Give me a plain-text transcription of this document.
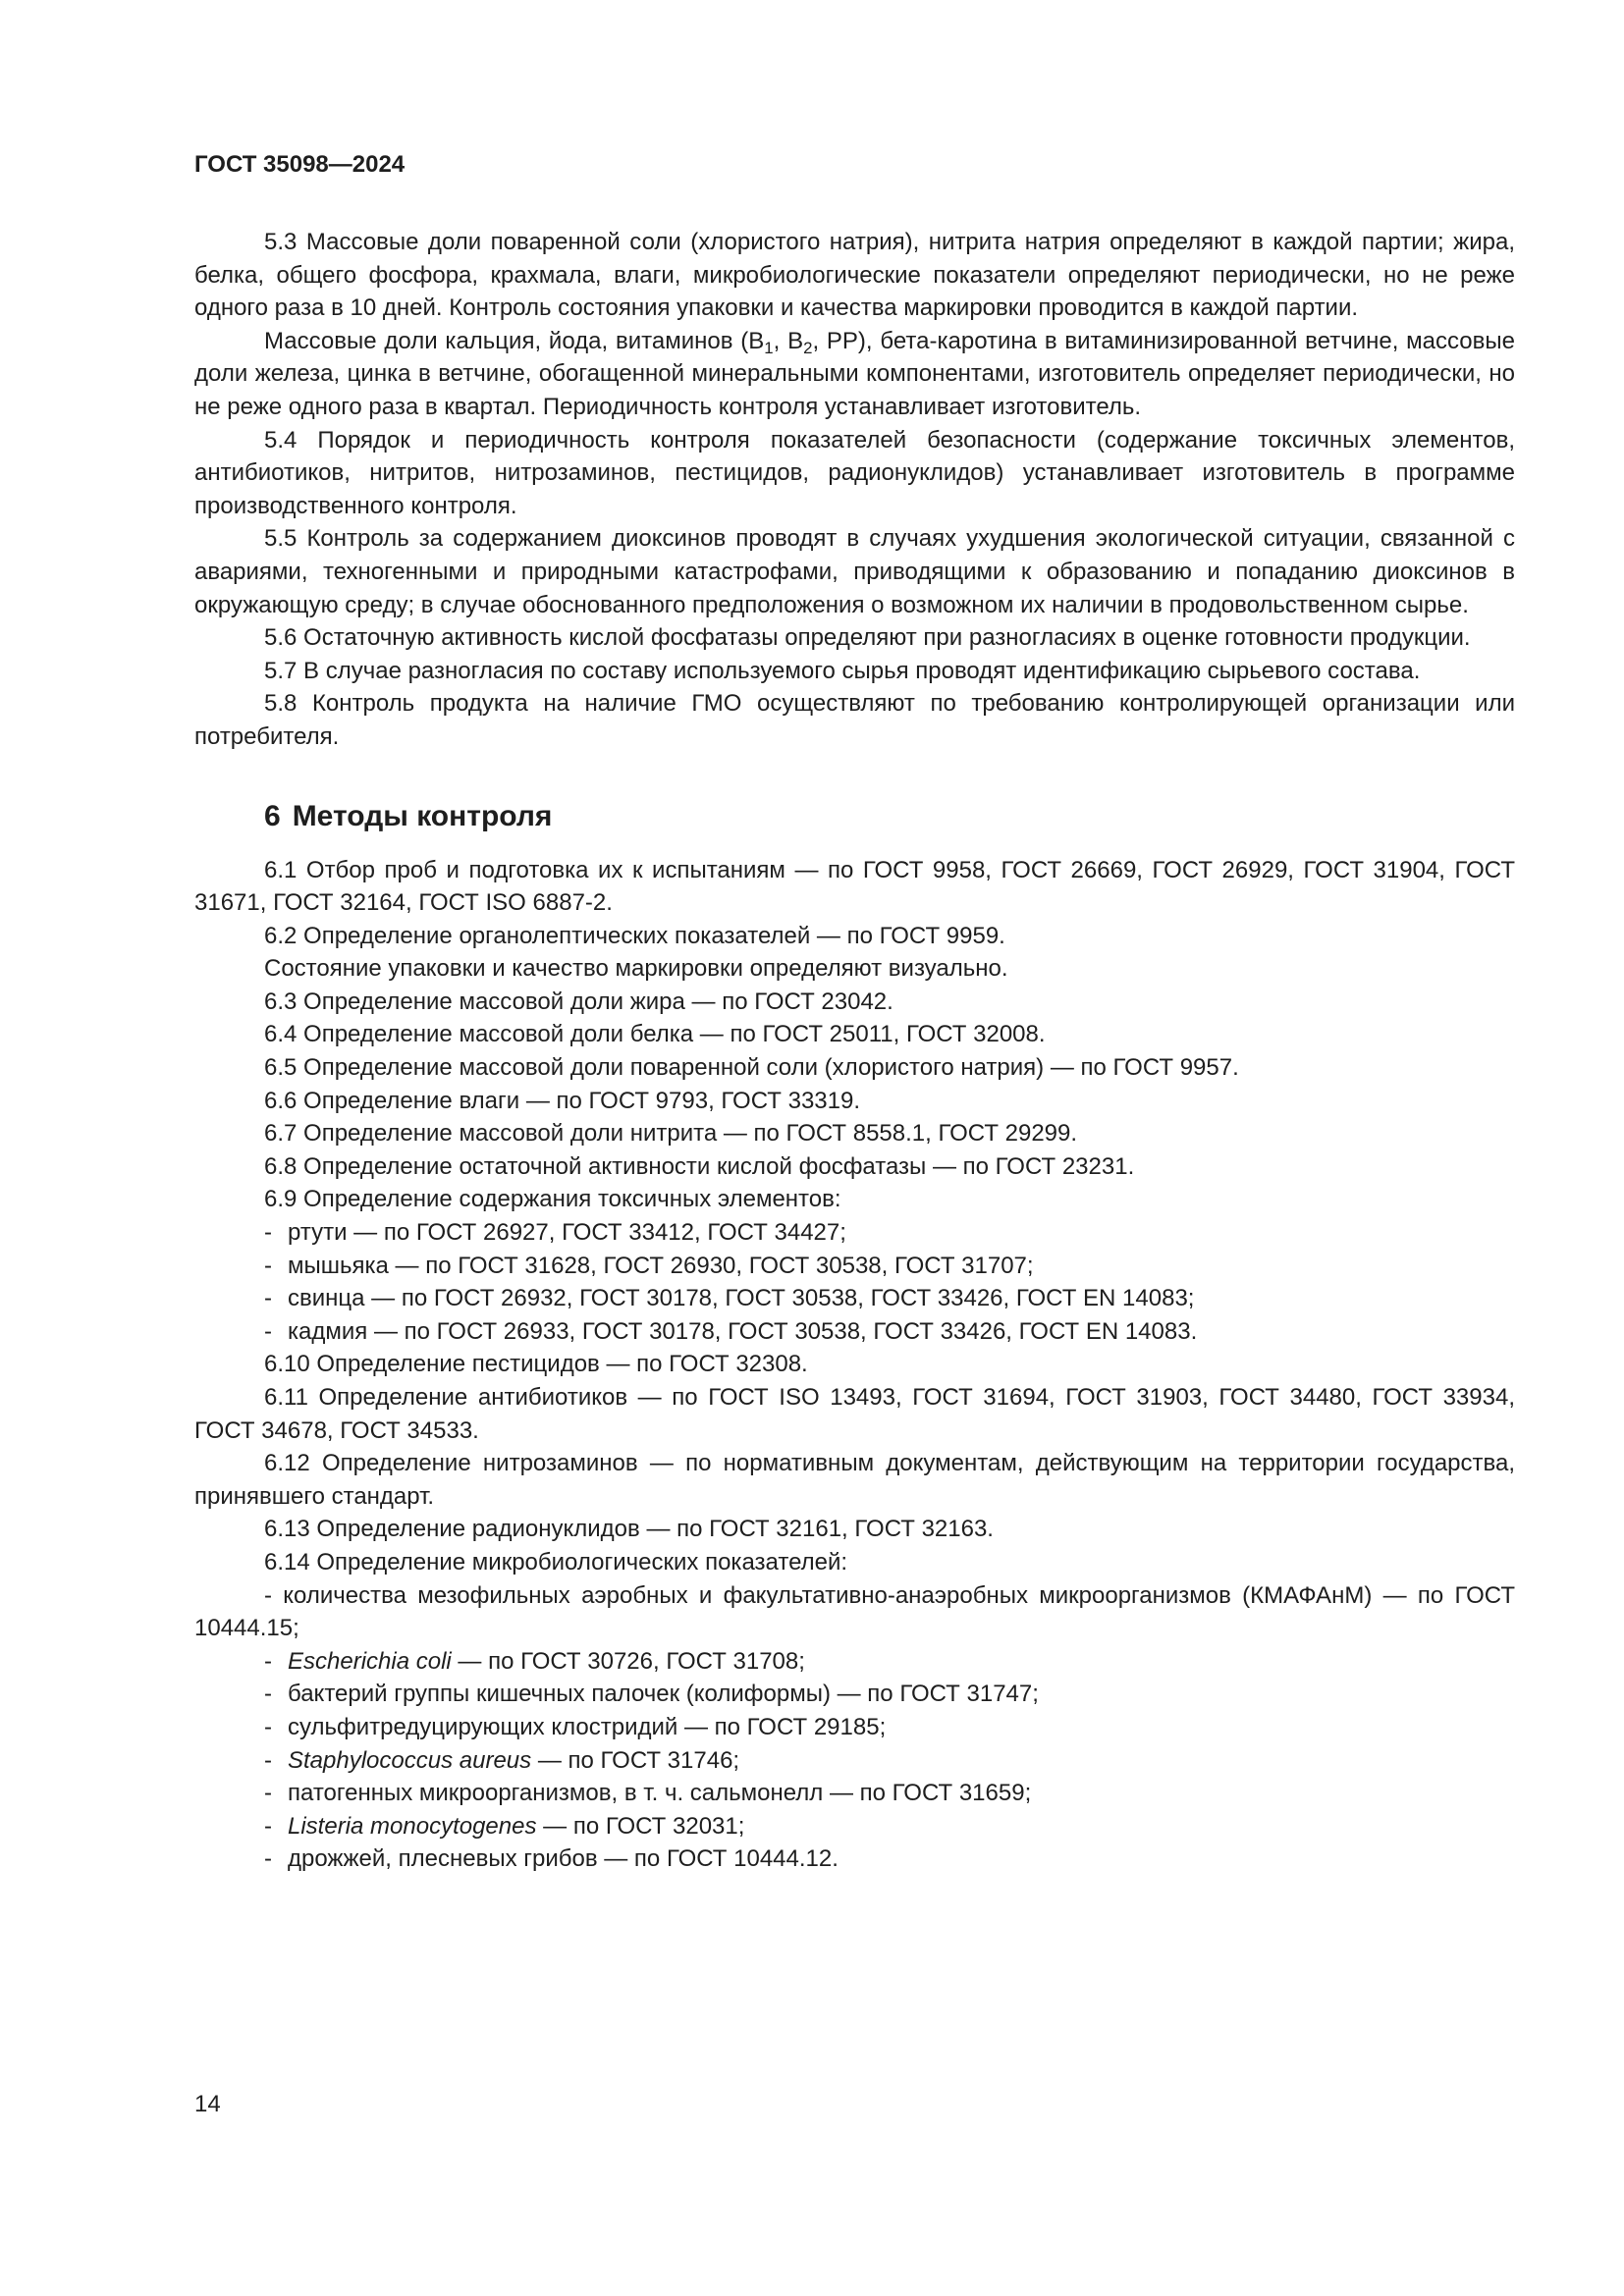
ГОСТ 35098—2024

5.3 Массовые доли поваренной соли (хлористого натрия), нитрита натрия определяют в каждой партии; жира, белка, общего фосфора, крахмала, влаги, микробиологические показатели определяют периодически, но не реже одного раза в 10 дней. Контроль состояния упаковки и качества маркировки проводится в каждой партии.

Массовые доли кальция, йода, витаминов ($B_1$, $B_2$, PP), бета-каротина в витаминизированной ветчине, массовые доли железа, цинка в ветчине, обогащенной минеральными компонентами, изготовитель определяет периодически, но не реже одного раза в квартал. Периодичность контроля устанавливает изготовитель.

5.4 Порядок и периодичность контроля показателей безопасности (содержание токсичных элементов, антибиотиков, нитритов, нитрозаминов, пестицидов, радионуклидов) устанавливает изготовитель в программе производственного контроля.

5.5 Контроль за содержанием диоксинов проводят в случаях ухудшения экологической ситуации, связанной с авариями, техногенными и природными катастрофами, приводящими к образованию и попаданию диоксинов в окружающую среду; в случае обоснованного предположения о возможном их наличии в продовольственном сырье.

5.6 Остаточную активность кислой фосфатазы определяют при разногласиях в оценке готовности продукции.

5.7 В случае разногласия по составу используемого сырья проводят идентификацию сырьевого состава.

5.8 Контроль продукта на наличие ГМО осуществляют по требованию контролирующей организации или потребителя.

6 Методы контроля

6.1 Отбор проб и подготовка их к испытаниям — по ГОСТ 9958, ГОСТ 26669, ГОСТ 26929, ГОСТ 31904, ГОСТ 31671, ГОСТ 32164, ГОСТ ISO 6887-2.

6.2 Определение органолептических показателей — по ГОСТ 9959.

Состояние упаковки и качество маркировки определяют визуально.

6.3 Определение массовой доли жира — по ГОСТ 23042.

6.4 Определение массовой доли белка — по ГОСТ 25011, ГОСТ 32008.

6.5 Определение массовой доли поваренной соли (хлористого натрия) — по ГОСТ 9957.

6.6 Определение влаги — по ГОСТ 9793, ГОСТ 33319.

6.7 Определение массовой доли нитрита — по ГОСТ 8558.1, ГОСТ 29299.

6.8 Определение остаточной активности кислой фосфатазы — по ГОСТ 23231.

6.9 Определение содержания токсичных элементов:

- ртути — по ГОСТ 26927, ГОСТ 33412, ГОСТ 34427;
- мышьяка — по ГОСТ 31628, ГОСТ 26930, ГОСТ 30538, ГОСТ 31707;
- свинца — по ГОСТ 26932, ГОСТ 30178, ГОСТ 30538, ГОСТ 33426, ГОСТ EN 14083;
- кадмия — по ГОСТ 26933, ГОСТ 30178, ГОСТ 30538, ГОСТ 33426, ГОСТ EN 14083.

6.10 Определение пестицидов — по ГОСТ 32308.

6.11 Определение антибиотиков — по ГОСТ ISO 13493, ГОСТ 31694, ГОСТ 31903, ГОСТ 34480, ГОСТ 33934, ГОСТ 34678, ГОСТ 34533.

6.12 Определение нитрозаминов — по нормативным документам, действующим на территории государства, принявшего стандарт.

6.13 Определение радионуклидов — по ГОСТ 32161, ГОСТ 32163.

6.14 Определение микробиологических показателей:

- количества мезофильных аэробных и факультативно-анаэробных микроорганизмов (КМАФАнМ) — по ГОСТ 10444.15;

- Escherichia coli — по ГОСТ 30726, ГОСТ 31708;
- бактерий группы кишечных палочек (колиформы) — по ГОСТ 31747;
- сульфитредуцирующих клостридий — по ГОСТ 29185;
- Staphylococcus aureus — по ГОСТ 31746;
- патогенных микроорганизмов, в т. ч. сальмонелл — по ГОСТ 31659;
- Listeria monocytogenes — по ГОСТ 32031;
- дрожжей, плесневых грибов — по ГОСТ 10444.12.
14
